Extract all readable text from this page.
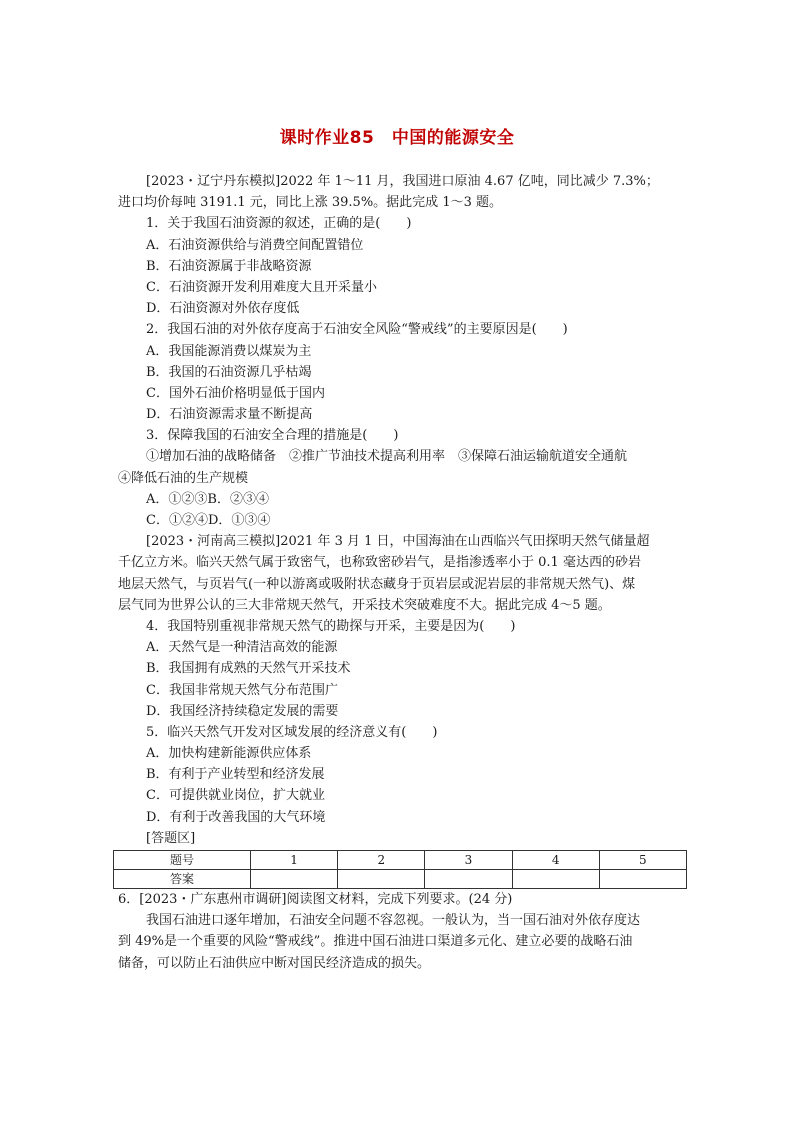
课时作业85　中国的能源安全
[2023・辽宁丹东模拟]2022 年 1～11 月，我国进口原油 4.67 亿吨，同比减少 7.3%；
进口均价每吨 3191.1 元，同比上涨 39.5%。据此完成 1～3 题。
1．关于我国石油资源的叙述，正确的是(　　)
A．石油资源供给与消费空间配置错位
B．石油资源属于非战略资源
C．石油资源开发利用难度大且开采量小
D．石油资源对外依存度低
2．我国石油的对外依存度高于石油安全风险“警戒线”的主要原因是(　　)
A．我国能源消费以煤炭为主
B．我国的石油资源几乎枯竭
C．国外石油价格明显低于国内
D．石油资源需求量不断提高
3．保障我国的石油安全合理的措施是(　　)
①增加石油的战略储备　②推广节油技术提高利用率　③保障石油运输航道安全通航
④降低石油的生产规模
A．①②③B．②③④
C．①②④D．①③④
[2023・河南高三模拟]2021 年 3 月 1 日，中国海油在山西临兴气田探明天然气储量超
千亿立方米。临兴天然气属于致密气，也称致密砂岩气，是指渗透率小于 0.1 毫达西的砂岩
地层天然气，与页岩气(一种以游离或吸附状态藏身于页岩层或泥岩层的非常规天然气)、煤
层气同为世界公认的三大非常规天然气，开采技术突破难度不大。据此完成 4～5 题。
4．我国特别重视非常规天然气的勘探与开采，主要是因为(　　)
A．天然气是一种清洁高效的能源
B．我国拥有成熟的天然气开采技术
C．我国非常规天然气分布范围广
D．我国经济持续稳定发展的需要
5．临兴天然气开发对区域发展的经济意义有(　　)
A．加快构建新能源供应体系
B．有利于产业转型和经济发展
C．可提供就业岗位，扩大就业
D．有利于改善我国的大气环境
[答题区]
题号	1	2	3	4	5
答案					
6．[2023・广东惠州市调研]阅读图文材料，完成下列要求。(24 分)
我国石油进口逐年增加，石油安全问题不容忽视。一般认为，当一国石油对外依存度达
到 49%是一个重要的风险“警戒线”。推进中国石油进口渠道多元化、建立必要的战略石油
储备，可以防止石油供应中断对国民经济造成的损失。
